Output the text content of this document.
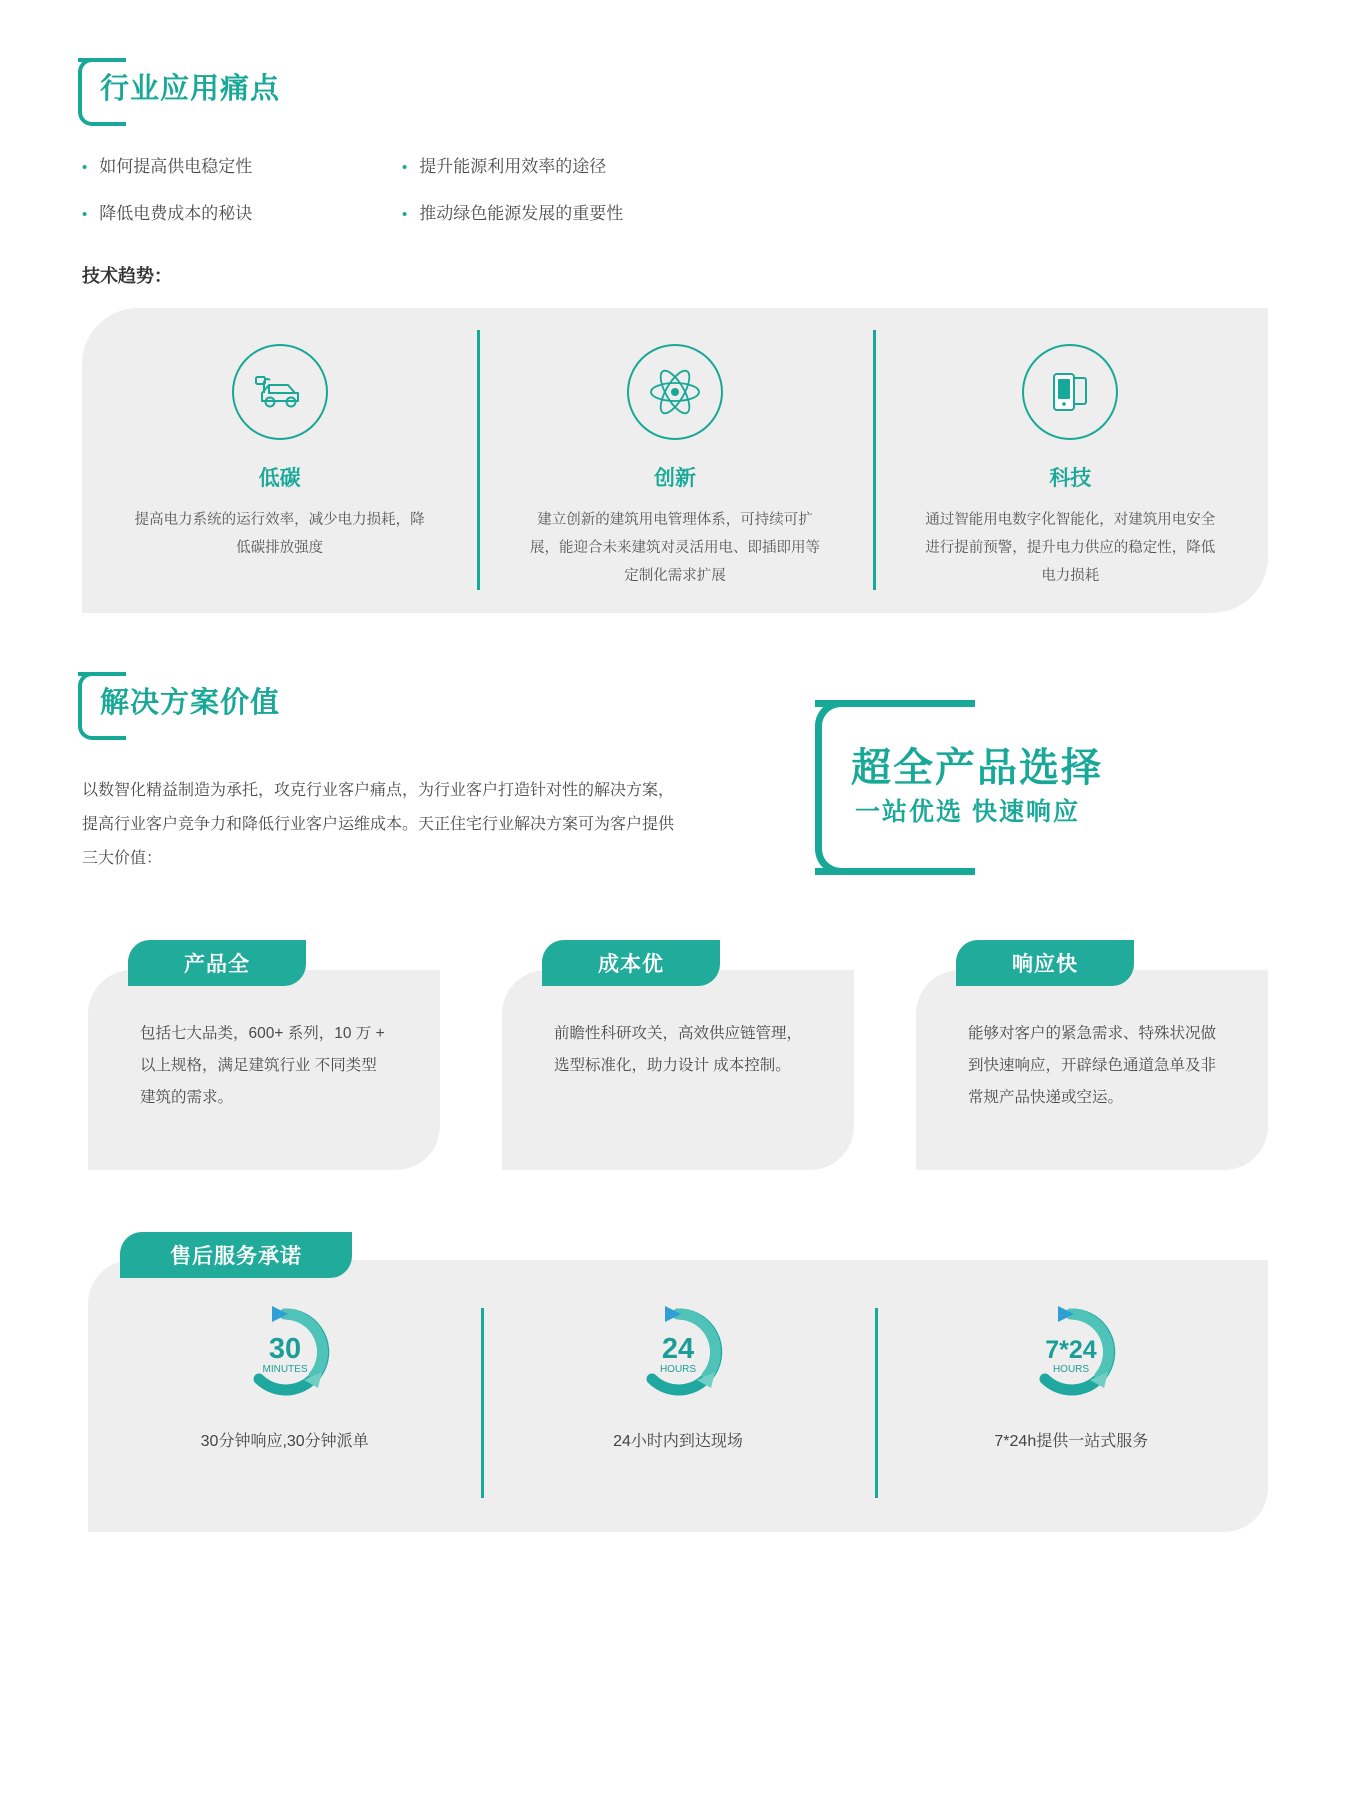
行业应用痛点
• 如何提高供电稳定性	• 提升能源利用效率的途径
• 降低电费成本的秘诀	• 推动绿色能源发展的重要性
技术趋势：
低碳
提高电力系统的运行效率，减少电力损耗，降低碳排放强度
创新
建立创新的建筑用电管理体系，可持续可扩展，能迎合未来建筑对灵活用电、即插即用等定制化需求扩展
科技
通过智能用电数字化智能化，对建筑用电安全进行提前预警，提升电力供应的稳定性，降低电力损耗
解决方案价值
以数智化精益制造为承托，攻克行业客户痛点，为行业客户打造针对性的解决方案，提高行业客户竞争力和降低行业客户运维成本。天正住宅行业解决方案可为客户提供三大价值：
超全产品选择
一站优选 快速响应
产品全
包括七大品类，600+ 系列，10 万 + 以上规格，满足建筑行业 不同类型建筑的需求。
成本优
前瞻性科研攻关，高效供应链管理，选型标准化，助力设计 成本控制。
响应快
能够对客户的紧急需求、特殊状况做到快速响应，开辟绿色通道急单及非常规产品快递或空运。
售后服务承诺
30
MINUTES
30分钟响应,30分钟派单
24
HOURS
24小时内到达现场
7*24
HOURS
7*24h提供一站式服务
